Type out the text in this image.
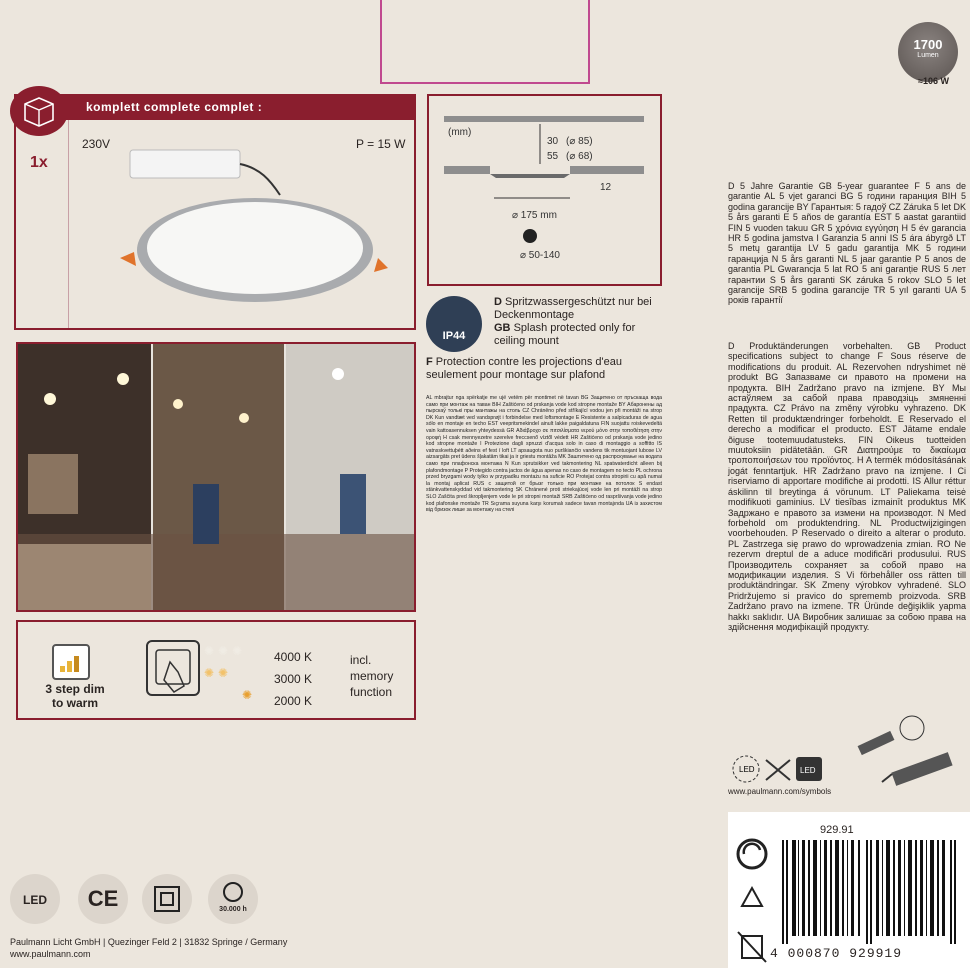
1700
Lumen
≈106 W
komplett complete complet :
1x
230V	P = 15 W
(mm)
30 (⌀ 85)
55 (⌀ 68)
12
⌀ 175 mm
⌀ 50-140
IP44
D Spritzwassergeschützt nur bei Deckenmontage
GB Splash protected only for ceiling mount
F Protection contre les projections d'eau seulement pour montage sur plafond
AL mbrajtur nga spërkatje me ujë vetëm për montimet në tavan BG Защитено от пръскаща вода само при монтаж на таван BIH Zaštićeno od prskanja vode kod stropne montaže BY Абаронены ад пырскаў толькі пры мантажы на столь CZ Chráněno před stříkající vodou jen při montáži na strop DK Kun vandtæt ved vandsprøjt i forbindelse med loftsmontage E Resistente a salpicaduras de agua sólo en montaje en techo EST veepritsmekindel ainult lakke paigaldatuna FIN suojattu roiskevedeltä vain kattoasennuksen yhteydessä GR Αδιάβροχο σε πιτσιλίσματα νερού μόνο στην τοποθέτηση στην οροφή H csak mennyezetre szerelve freccsenő víztől védett HR Zaštićeno od prskanja vode jedino kod stropne montaže I Protezione dagli spruzzi d'acqua solo in caso di montaggio a soffitto IS vatnsskvettuþétt aðeins ef fest í loft LT apsaugota nuo purškiančio vandens tik montuojant lubose LV aizsargāts pret ūdens šļakatām tikai ja ir griestu montāža MK Заштитено од распрскување на водата само при плафонска монтажа N Kun sprutsikker ved takmontering NL spatwaterdicht alleen bij plafondmontage P Protegido contra jactos de água apenas no caso de montagem no tecto PL ochrona przed bryzgami wody tylko w przypadku montażu na suficie RO Protejat contra stropirii cu apă numai la montaj aplicat RUS с защитой от брызг только при монтаже на потолок S endast stänkvattenskyddad vid takmontering SK Chránené proti striekajúcej vode len pri montáži na strop SLO Zaščita pred škropljenjem vode le pri stropni montaži SRB Zaštićeno od raspršivanja vode jedino kod plafonske montaže TR Sıçrama suyuna karşı korumalı sadece tavan montajında UA із захистом від бризок лише за монтажу на стелі
3 step dim
to warm
✺✺✺
✺✺
✺
4000 K
3000 K
2000 K
incl.
memory
function
D 5 Jahre Garantie GB 5-year guarantee F 5 ans de garantie AL 5 vjet garanci BG 5 години гаранция BIH 5 godina garancije BY Гарантыя: 5 гадоў CZ Záruka 5 let DK 5 års garanti E 5 años de garantía EST 5 aastat garantiid FIN 5 vuoden takuu GR 5 χρόνια εγγύηση H 5 év garancia HR 5 godina jamstva I Garanzia 5 anni IS 5 ára ábyrgð LT 5 metų garantija LV 5 gadu garantija MK 5 години гаранција N 5 års garanti NL 5 jaar garantie P 5 anos de garantia PL Gwarancja 5 lat RO 5 ani garanție RUS 5 лет гарантии S 5 års garanti SK záruka 5 rokov SLO 5 let garancije SRB 5 godina garancije TR 5 yıl garanti UA 5 років гарантії
D Produktänderungen vorbehalten. GB Product specifications subject to change F Sous réserve de modifications du produit. AL Rezervohen ndryshimet në produkt BG Запазваме си правото на промени на продукта. BIH Zadržano pravo na izmjene. BY Мы астаўляем за сабой права праводзіць змяненні прадукта. CZ Právo na změny výrobku vyhrazeno. DK Retten til produktændringer forbeholdt. E Reservado el derecho a modificar el producto. EST Jätame endale õiguse tootemuudatusteks. FIN Oikeus tuotteiden muutoksiin pidätetään. GR Διατηρούμε το δικαίωμα τροποποιήσεων του προϊόντος. H A termék módosításának jogát fenntartjuk. HR Zadržano pravo na izmjene. I Ci riserviamo di apportare modifiche ai prodotti. IS Allur réttur áskilinn til breytinga á vörunum. LT Paliekama teisė modifikuoti gaminius. LV tiesības izmainīt produktus MK Задржано е правото за измени на производот. N Med forbehold om produktendring. NL Productwijzigingen voorbehouden. P Reservado o direito a alterar o produto. PL Zastrzega się prawo do wprowadzenia zmian. RO Ne rezervm dreptul de a aduce modificări produsului. RUS Производитель сохраняет за собой право на модификации изделия. S Vi förbehåller oss rätten till produktändringar. SK Zmeny výrobkov vyhradené. SLO Pridržujemo si pravico do sprememb proizvoda. SRB Zadržano pravo na izmene. TR Üründe değişiklik yapma hakkı saklıdır. UA Виробник залишає за собою права на здійснення модифікацій продукту.
LED	LED
www.paulmann.com/symbols
929.91
4 000870 929919
LED	CE	30.000 h
Paulmann Licht GmbH | Quezinger Feld 2 | 31832 Springe / Germany
www.paulmann.com
